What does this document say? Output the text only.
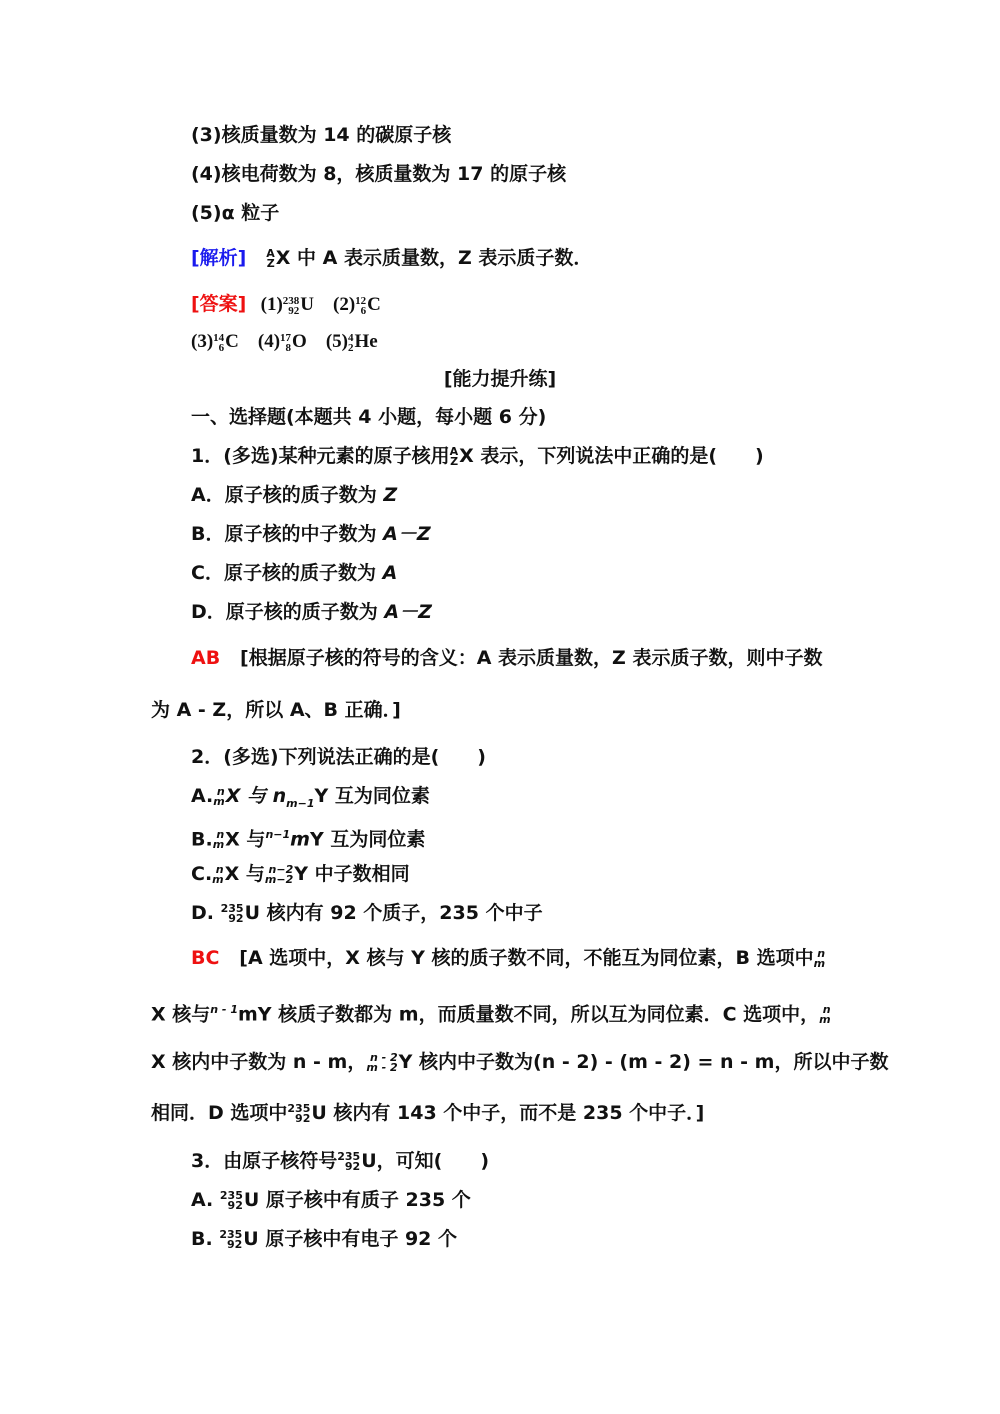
(3)核质量数为 14 的碳原子核
(4)核电荷数为 8，核质量数为 17 的原子核
(5)α 粒子
[解析] A
Z X 中 A 表示质量数，Z 表示质子数．
[答案] (1) 238
92 U (2) 12
6 C
(3) 14
6 C (4) 17
8 O (5) 4
2 He
[能力提升练]
一、选择题(本题共 4 小题，每小题 6 分)
1．(多选)某种元素的原子核用 A
Z X 表示，下列说法中正确的是(　　)
A．原子核的质子数为 Z
B．原子核的中子数为 A－Z
C．原子核的质子数为 A
D．原子核的质子数为 A－Z
AB [根据原子核的符号的含义：A 表示质量数，Z 表示质子数，则中子数
为 A - Z，所以 A、B 正确．]
2．(多选)下列说法正确的是(　　)
A. n
m X 与 $n_{m-1}Y$ 互为同位素
B. n
m X 与$^{n-1}$mY 互为同位素
C. n
m X 与 n−2
m−2 Y 中子数相同
D. 235
92 U 核内有 92 个质子，235 个中子
BC [A 选项中，X 核与 Y 核的质子数不同，不能互为同位素，B 选项中 n
m
X 核与$^{n - 1}$mY 核质子数都为 m，而质量数不同，所以互为同位素．C 选项中， n
m
X 核内中子数为 n - m， n - 2
m - 2 Y 核内中子数为(n - 2) - (m - 2) = n - m，所以中子数
相同．D 选项中 235
92 U 核内有 143 个中子，而不是 235 个中子．]
3．由原子核符号 235
92 U，可知(　　)
A. 235
92 U 原子核中有质子 235 个
B. 235
92 U 原子核中有电子 92 个
